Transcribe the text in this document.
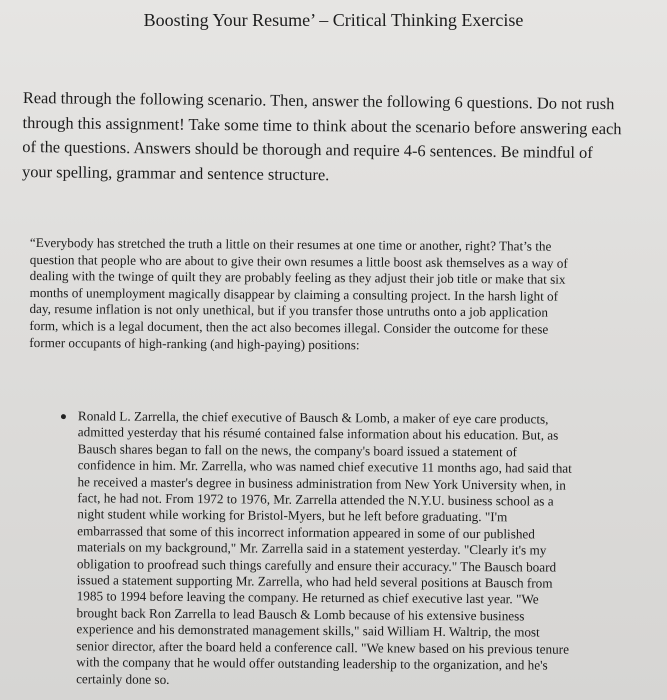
Boosting Your Resume’ – Critical Thinking Exercise

Read through the following scenario. Then, answer the following 6 questions. Do not rush through this assignment! Take some time to think about the scenario before answering each of the questions. Answers should be thorough and require 4-6 sentences. Be mindful of your spelling, grammar and sentence structure.

“Everybody has stretched the truth a little on their resumes at one time or another, right? That’s the question that people who are about to give their own resumes a little boost ask themselves as a way of dealing with the twinge of quilt they are probably feeling as they adjust their job title or make that six months of unemployment magically disappear by claiming a consulting project. In the harsh light of day, resume inflation is not only unethical, but if you transfer those untruths onto a job application form, which is a legal document, then the act also becomes illegal. Consider the outcome for these former occupants of high-ranking (and high-paying) positions:

Ronald L. Zarrella, the chief executive of Bausch & Lomb, a maker of eye care products, admitted yesterday that his résumé contained false information about his education. But, as Bausch shares began to fall on the news, the company's board issued a statement of confidence in him. Mr. Zarrella, who was named chief executive 11 months ago, had said that he received a master's degree in business administration from New York University when, in fact, he had not. From 1972 to 1976, Mr. Zarrella attended the N.Y.U. business school as a night student while working for Bristol-Myers, but he left before graduating. "I'm embarrassed that some of this incorrect information appeared in some of our published materials on my background," Mr. Zarrella said in a statement yesterday. "Clearly it's my obligation to proofread such things carefully and ensure their accuracy." The Bausch board issued a statement supporting Mr. Zarrella, who had held several positions at Bausch from 1985 to 1994 before leaving the company. He returned as chief executive last year. "We brought back Ron Zarrella to lead Bausch & Lomb because of his extensive business experience and his demonstrated management skills," said William H. Waltrip, the most senior director, after the board held a conference call. "We knew based on his previous tenure with the company that he would offer outstanding leadership to the organization, and he's certainly done so.
